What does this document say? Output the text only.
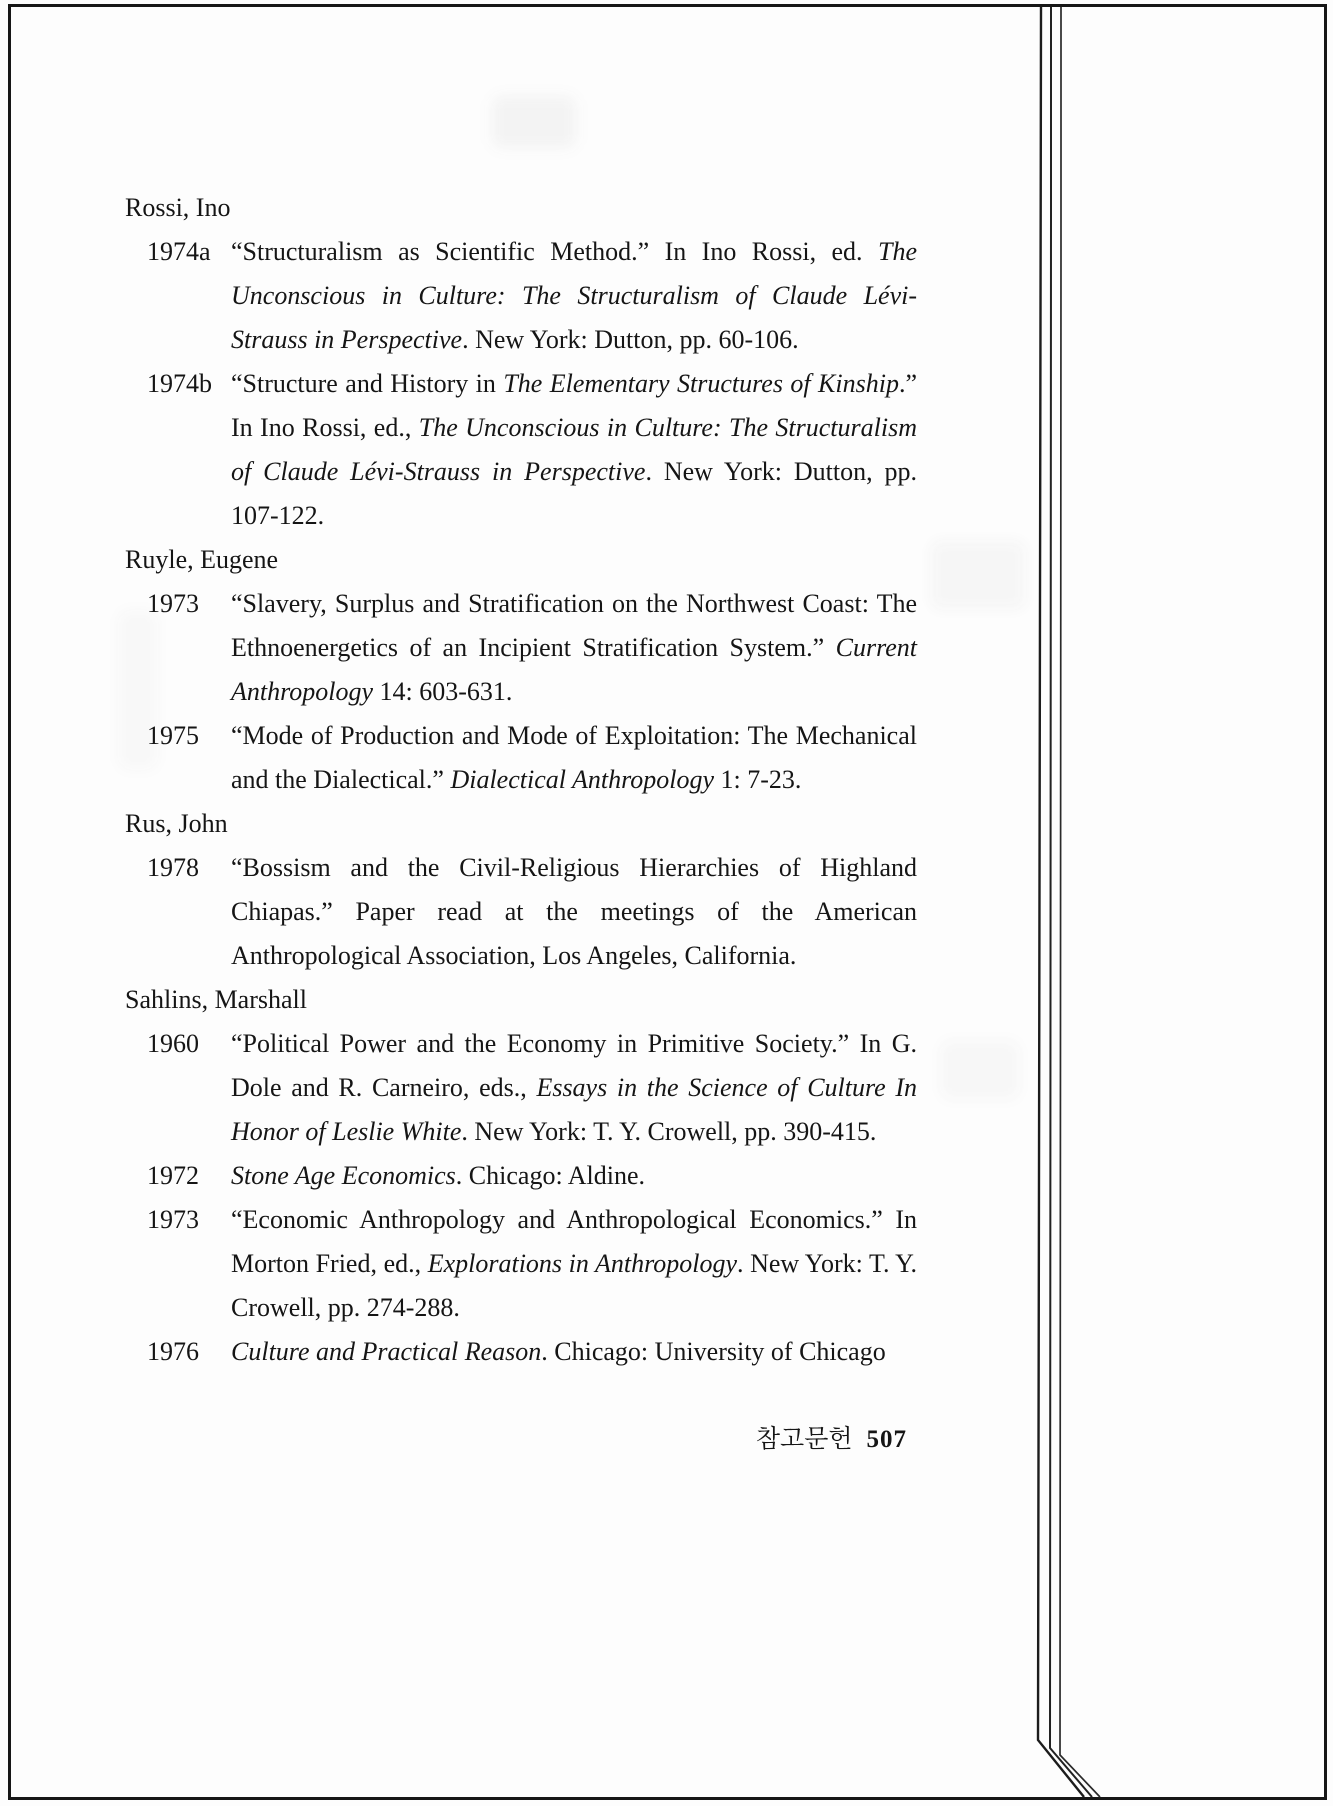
Rossi, Ino
1974a “Structuralism as Scientific Method.” In Ino Rossi, ed. The Unconscious in Culture: The Structuralism of Claude Lévi-Strauss in Perspective. New York: Dutton, pp. 60-106.
1974b “Structure and History in The Elementary Structures of Kinship.” In Ino Rossi, ed., The Unconscious in Culture: The Structuralism of Claude Lévi-Strauss in Perspective. New York: Dutton, pp. 107-122.
Ruyle, Eugene
1973	“Slavery, Surplus and Stratification on the Northwest Coast: The Ethnoenergetics of an Incipient Stratification System.” Current Anthropology 14: 603-631.
1975	“Mode of Production and Mode of Exploitation: The Mechanical and the Dialectical.” Dialectical Anthropology 1: 7-23.
Rus, John
1978	“Bossism and the Civil-Religious Hierarchies of Highland Chiapas.” Paper read at the meetings of the American Anthropological Association, Los Angeles, California.
Sahlins, Marshall
1960	“Political Power and the Economy in Primitive Society.” In G. Dole and R. Carneiro, eds., Essays in the Science of Culture In Honor of Leslie White. New York: T. Y. Crowell, pp. 390-415.
1972	Stone Age Economics. Chicago: Aldine.
1973	“Economic Anthropology and Anthropological Economics.” In Morton Fried, ed., Explorations in Anthropology. New York: T. Y. Crowell, pp. 274-288.
1976	Culture and Practical Reason. Chicago: University of Chicago
참고문헌 507
